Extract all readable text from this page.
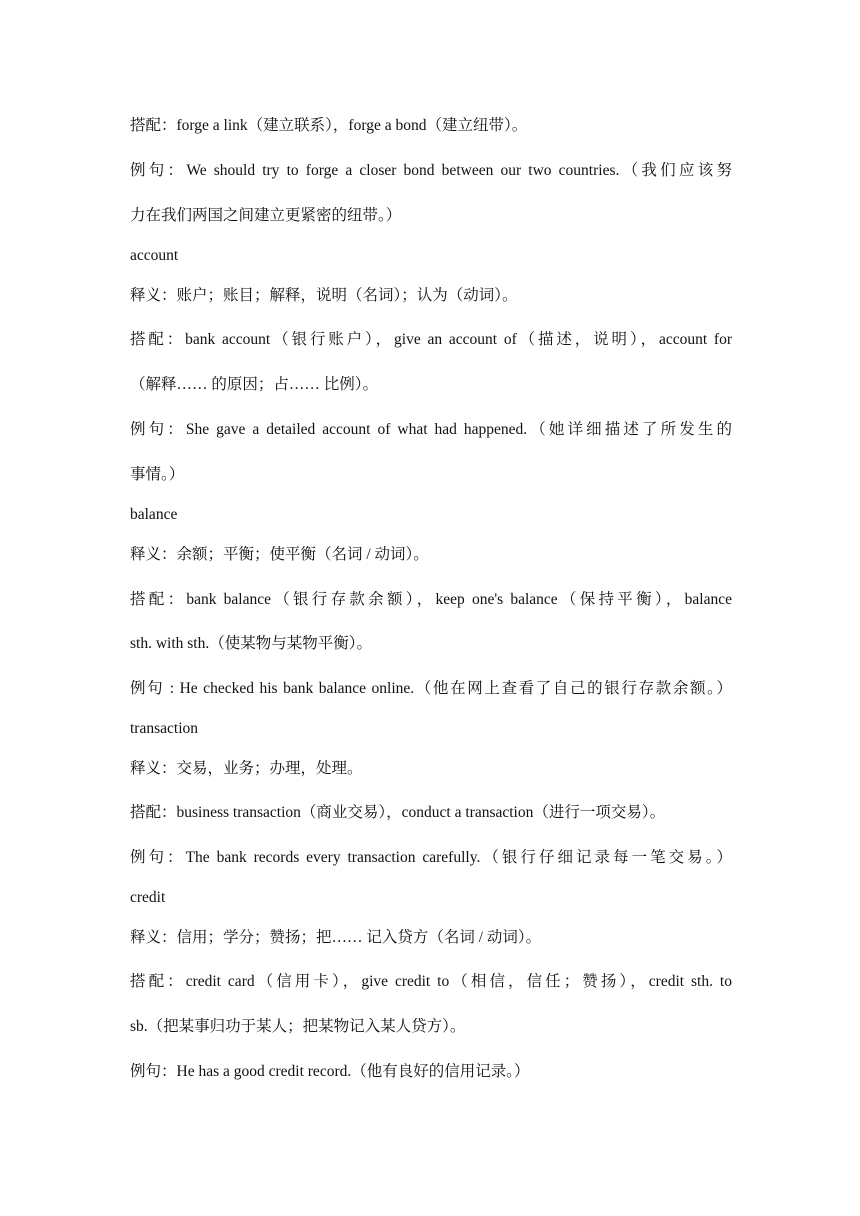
搭配：forge a link（建立联系），forge a bond（建立纽带）。
例句：We should try to forge a closer bond between our two countries.（我们应该努
力在我们两国之间建立更紧密的纽带。）
account
释义：账户；账目；解释，说明（名词）；认为（动词）。
搭配：bank account（银行账户），give an account of（描述，说明），account for
（解释…… 的原因；占…… 比例）。
例句：She gave a detailed account of what had happened.（她详细描述了所发生的
事情。）
balance
释义：余额；平衡；使平衡（名词 / 动词）。
搭配：bank balance（银行存款余额），keep one's balance（保持平衡），balance
sth. with sth.（使某物与某物平衡）。
例句 : He checked his bank balance online.（他在网上查看了自己的银行存款余额。）
transaction
释义：交易，业务；办理，处理。
搭配：business transaction（商业交易），conduct a transaction（进行一项交易）。
例句：The bank records every transaction carefully.（银行仔细记录每一笔交易。）
credit
释义：信用；学分；赞扬；把…… 记入贷方（名词 / 动词）。
搭配：credit card（信用卡），give credit to（相信，信任；赞扬），credit sth. to
sb.（把某事归功于某人；把某物记入某人贷方）。
例句：He has a good credit record.（他有良好的信用记录。）
